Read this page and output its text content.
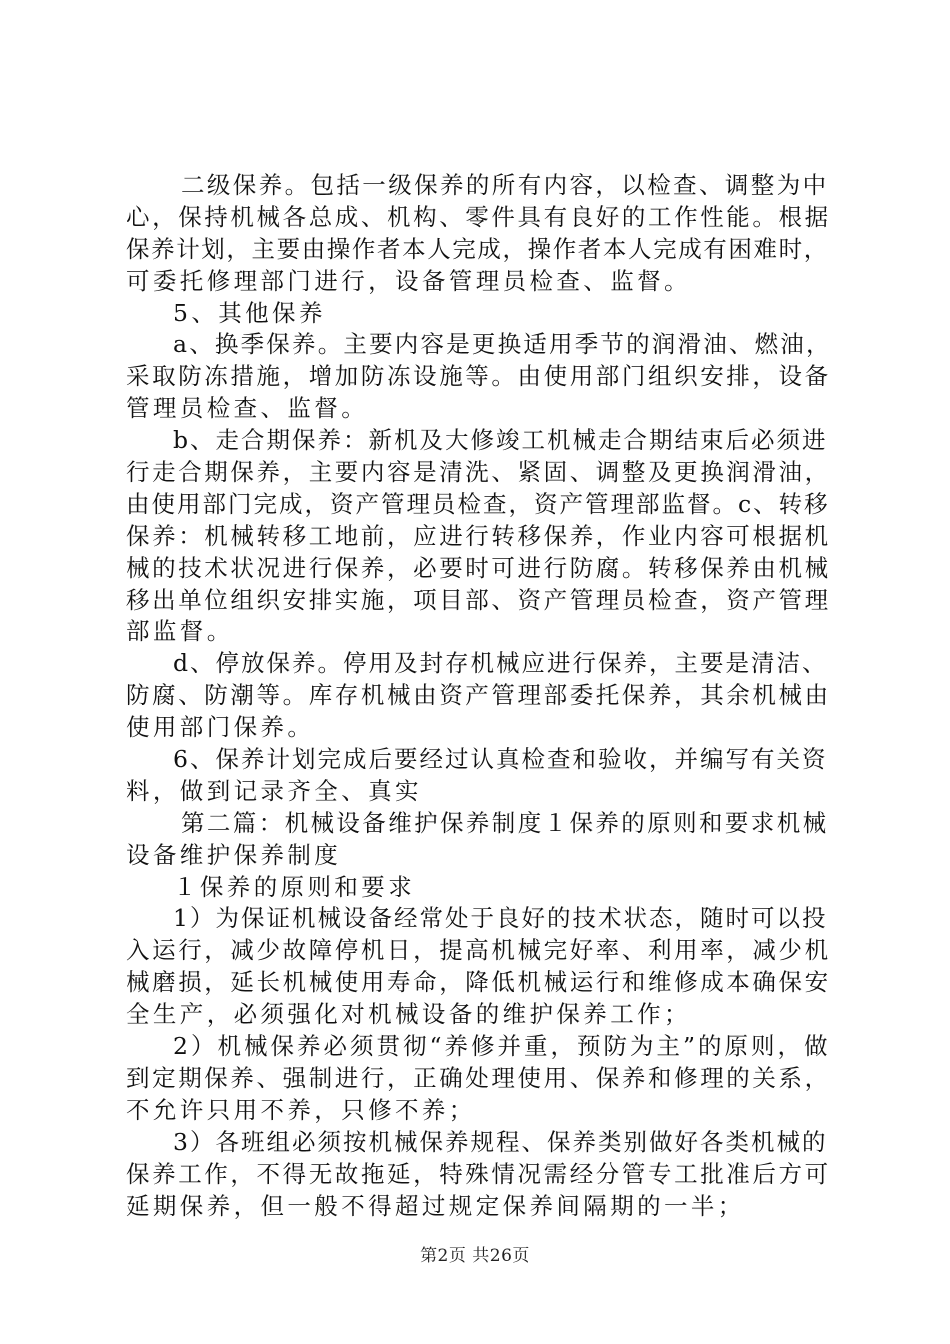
二级保养。包括一级保养的所有内容，以检查、调整为中
心，保持机械各总成、机构、零件具有良好的工作性能。根据
保养计划，主要由操作者本人完成，操作者本人完成有困难时，
可委托修理部门进行，设备管理员检查、监督。
5、其他保养
a、换季保养。主要内容是更换适用季节的润滑油、燃油，
采取防冻措施，增加防冻设施等。由使用部门组织安排，设备
管理员检查、监督。
b、走合期保养：新机及大修竣工机械走合期结束后必须进
行走合期保养，主要内容是清洗、紧固、调整及更换润滑油，
由使用部门完成，资产管理员检查，资产管理部监督。c、转移
保养：机械转移工地前，应进行转移保养，作业内容可根据机
械的技术状况进行保养，必要时可进行防腐。转移保养由机械
移出单位组织安排实施，项目部、资产管理员检查，资产管理
部监督。
d、停放保养。停用及封存机械应进行保养，主要是清洁、
防腐、防潮等。库存机械由资产管理部委托保养，其余机械由
使用部门保养。
6、保养计划完成后要经过认真检查和验收，并编写有关资
料，做到记录齐全、真实
第二篇：机械设备维护保养制度１保养的原则和要求机械
设备维护保养制度
１保养的原则和要求
1）为保证机械设备经常处于良好的技术状态，随时可以投
入运行，减少故障停机日，提高机械完好率、利用率，减少机
械磨损，延长机械使用寿命，降低机械运行和维修成本确保安
全生产，必须强化对机械设备的维护保养工作；
2）机械保养必须贯彻“养修并重，预防为主”的原则，做
到定期保养、强制进行，正确处理使用、保养和修理的关系，
不允许只用不养，只修不养；
3）各班组必须按机械保养规程、保养类别做好各类机械的
保养工作，不得无故拖延，特殊情况需经分管专工批准后方可
延期保养，但一般不得超过规定保养间隔期的一半；
第2页 共26页
